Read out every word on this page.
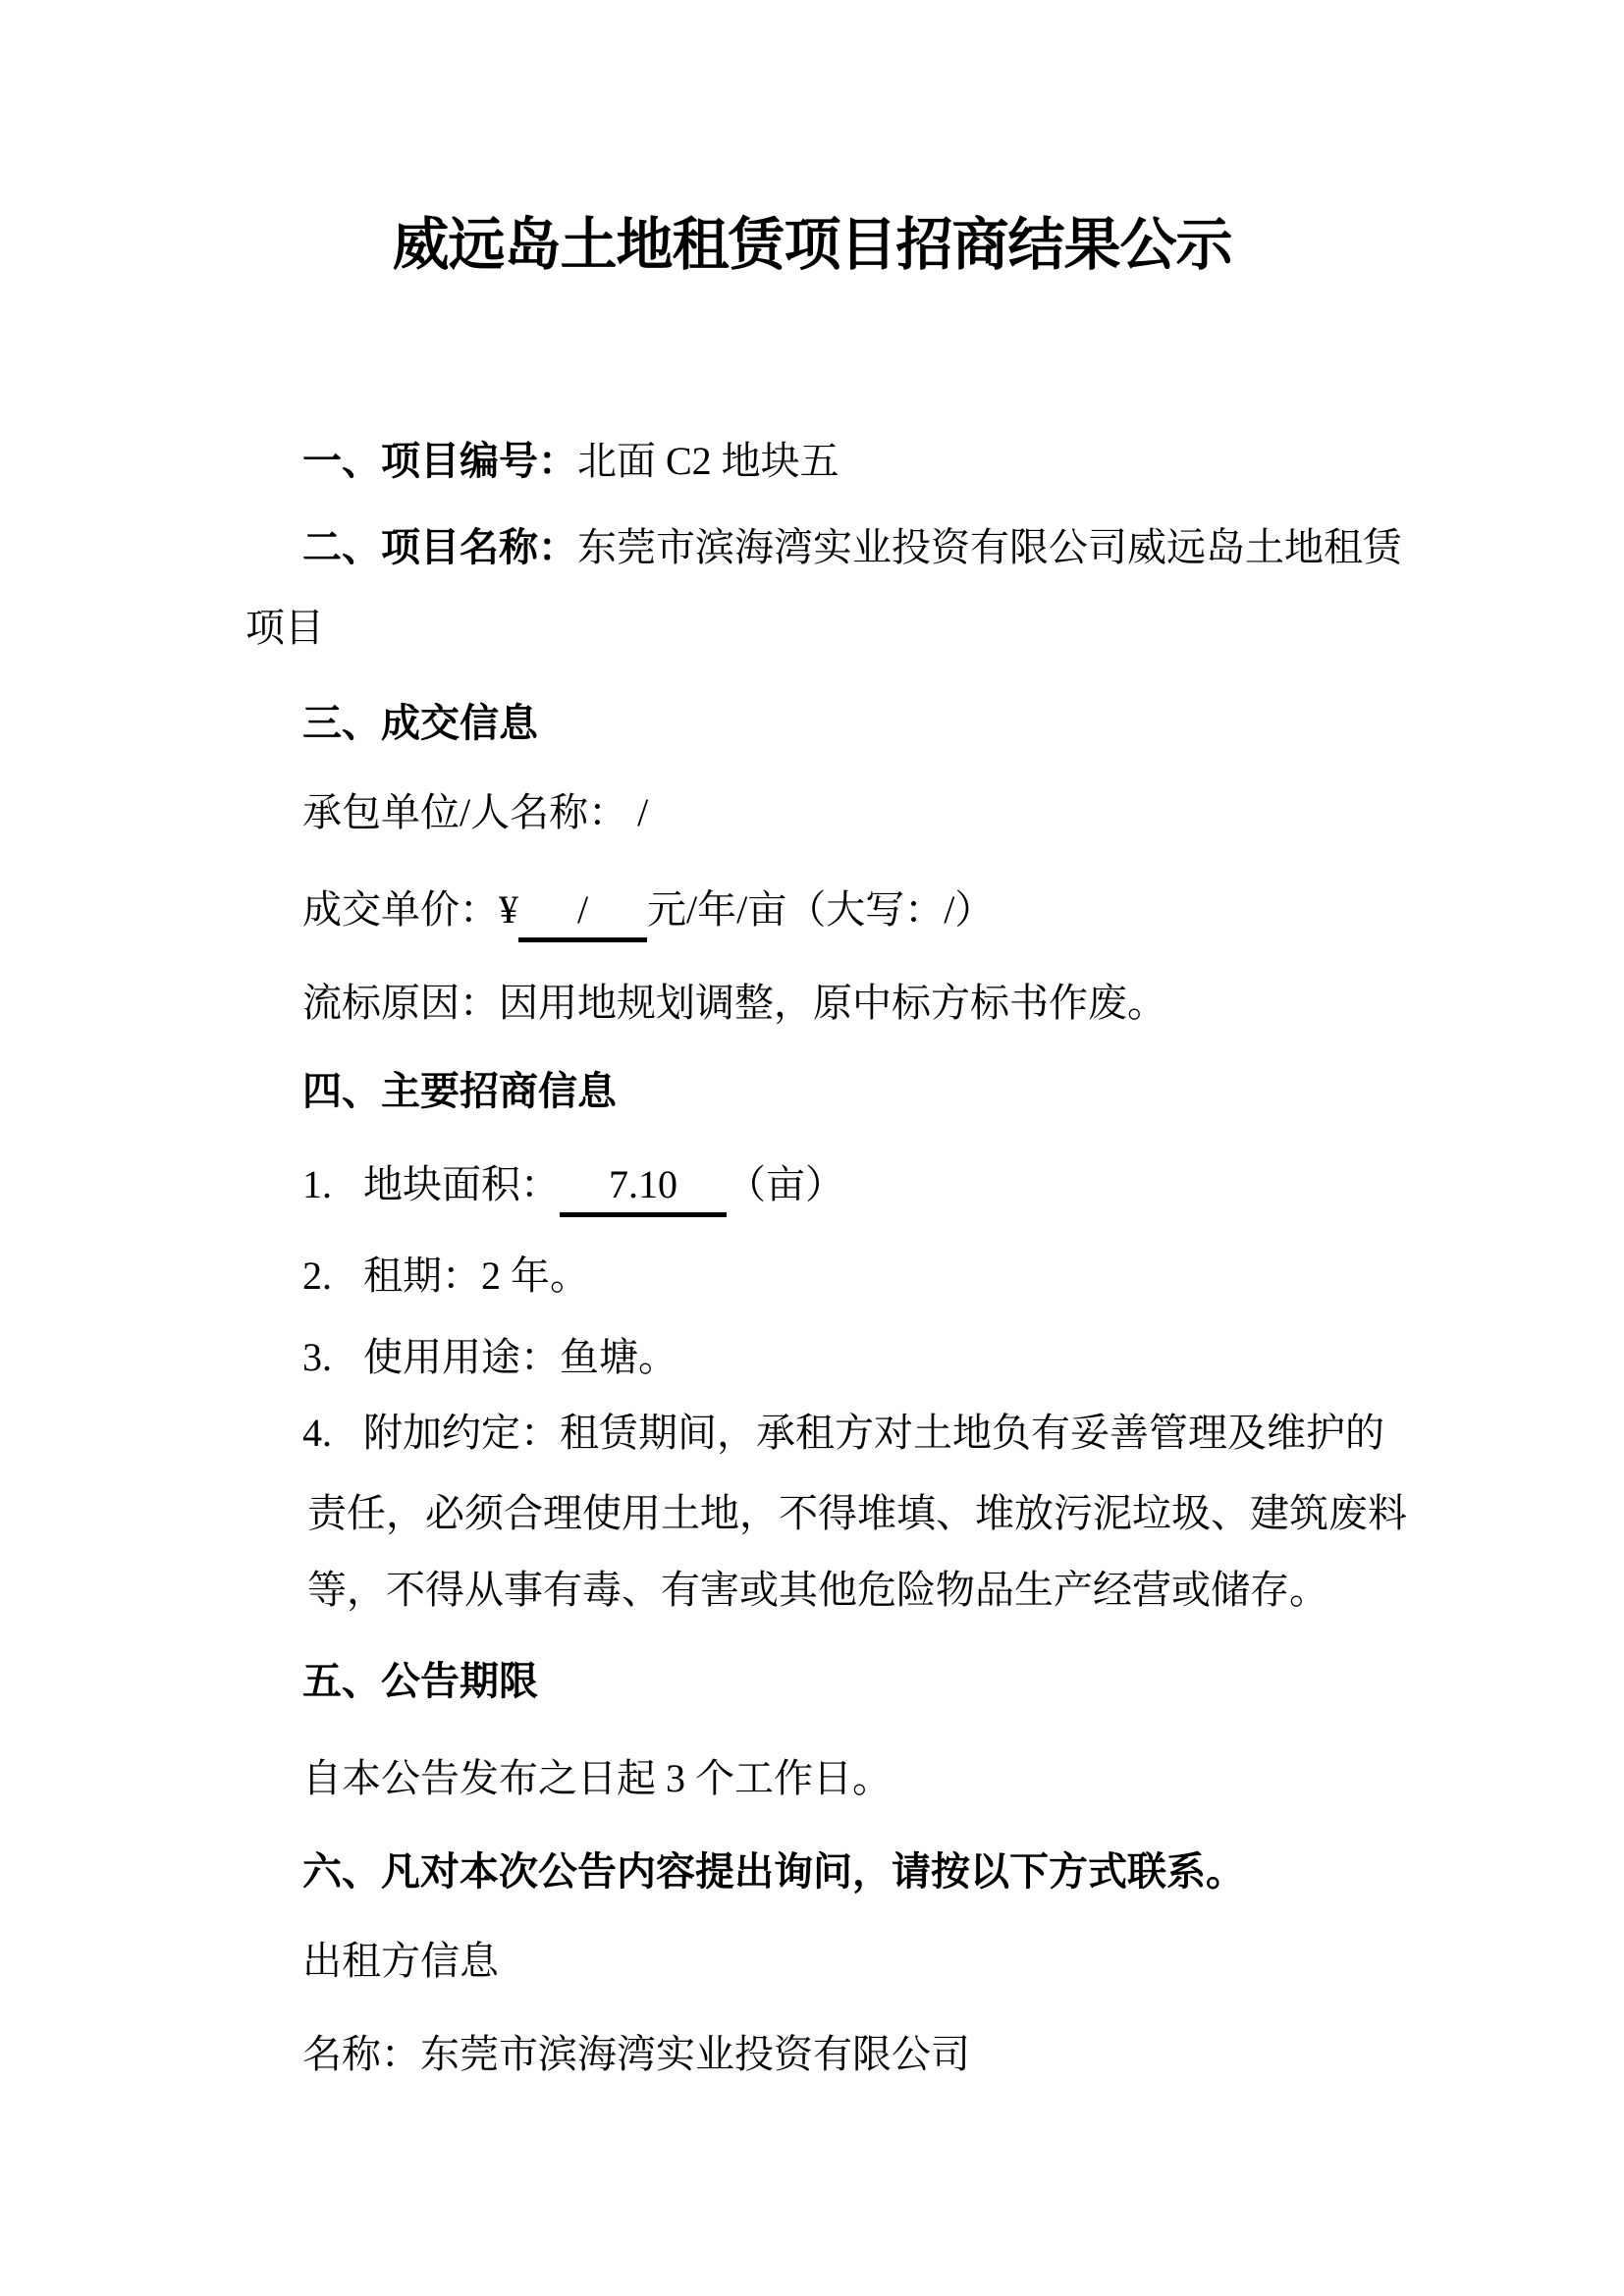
威远岛土地租赁项目招商结果公示
一、项目编号：北面 C2 地块五
二、项目名称：东莞市滨海湾实业投资有限公司威远岛土地租赁
项目
三、成交信息
承包单位/人名称： /
成交单价：¥ / 元/年/亩（大写：/）
流标原因：因用地规划调整，原中标方标书作废。
四、主要招商信息
1. 地块面积： 7.10 （亩）
2. 租期：2 年。
3. 使用用途：鱼塘。
4. 附加约定：租赁期间，承租方对土地负有妥善管理及维护的
责任，必须合理使用土地，不得堆填、堆放污泥垃圾、建筑废料
等，不得从事有毒、有害或其他危险物品生产经营或储存。
五、公告期限
自本公告发布之日起 3 个工作日。
六、凡对本次公告内容提出询问，请按以下方式联系。
出租方信息
名称：东莞市滨海湾实业投资有限公司
